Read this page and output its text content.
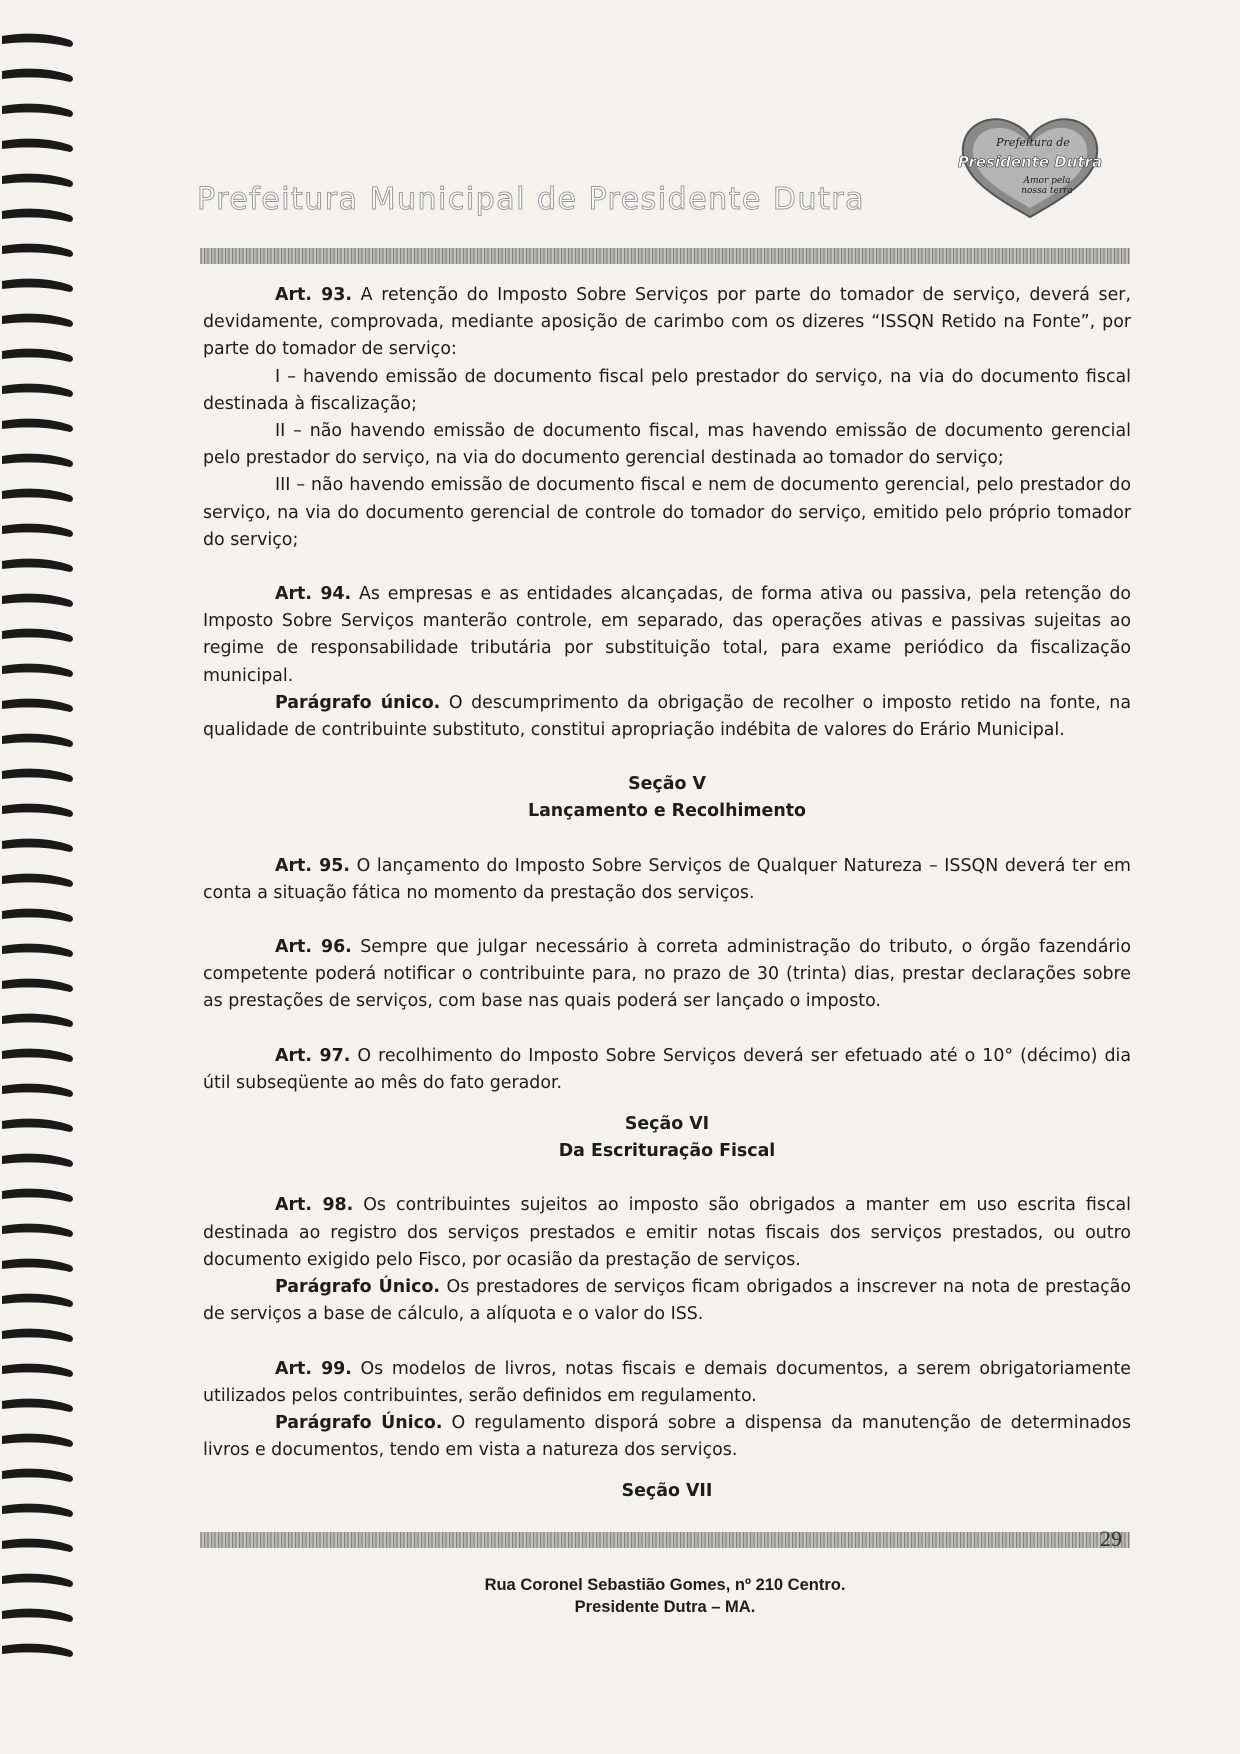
Prefeitura Municipal de Presidente Dutra
Prefeitura de
Presidente Dutra
Amor pela
nossa terra

Art. 93. A retenção do Imposto Sobre Serviços por parte do tomador de serviço, deverá ser, devidamente, comprovada, mediante aposição de carimbo com os dizeres “ISSQN Retido na Fonte”, por parte do tomador de serviço:

I – havendo emissão de documento fiscal pelo prestador do serviço, na via do documento fiscal destinada à fiscalização;

II – não havendo emissão de documento fiscal, mas havendo emissão de documento gerencial pelo prestador do serviço, na via do documento gerencial destinada ao tomador do serviço;

III – não havendo emissão de documento fiscal e nem de documento gerencial, pelo prestador do serviço, na via do documento gerencial de controle do tomador do serviço, emitido pelo próprio tomador do serviço;

Art. 94. As empresas e as entidades alcançadas, de forma ativa ou passiva, pela retenção do Imposto Sobre Serviços manterão controle, em separado, das operações ativas e passivas sujeitas ao regime de responsabilidade tributária por substituição total, para exame periódico da fiscalização municipal.

Parágrafo único. O descumprimento da obrigação de recolher o imposto retido na fonte, na qualidade de contribuinte substituto, constitui apropriação indébita de valores do Erário Municipal.

Seção V

Lançamento e Recolhimento

Art. 95. O lançamento do Imposto Sobre Serviços de Qualquer Natureza – ISSQN deverá ter em conta a situação fática no momento da prestação dos serviços.

Art. 96. Sempre que julgar necessário à correta administração do tributo, o órgão fazendário competente poderá notificar o contribuinte para, no prazo de 30 (trinta) dias, prestar declarações sobre as prestações de serviços, com base nas quais poderá ser lançado o imposto.

Art. 97. O recolhimento do Imposto Sobre Serviços deverá ser efetuado até o 10° (décimo) dia útil subseqüente ao mês do fato gerador.

Seção VI

Da Escrituração Fiscal

Art. 98. Os contribuintes sujeitos ao imposto são obrigados a manter em uso escrita fiscal destinada ao registro dos serviços prestados e emitir notas fiscais dos serviços prestados, ou outro documento exigido pelo Fisco, por ocasião da prestação de serviços.

Parágrafo Único. Os prestadores de serviços ficam obrigados a inscrever na nota de prestação de serviços a base de cálculo, a alíquota e o valor do ISS.

Art. 99. Os modelos de livros, notas fiscais e demais documentos, a serem obrigatoriamente utilizados pelos contribuintes, serão definidos em regulamento.

Parágrafo Único. O regulamento disporá sobre a dispensa da manutenção de determinados livros e documentos, tendo em vista a natureza dos serviços.

Seção VII

29
Rua Coronel Sebastião Gomes, nº 210 Centro.
Presidente Dutra – MA.
